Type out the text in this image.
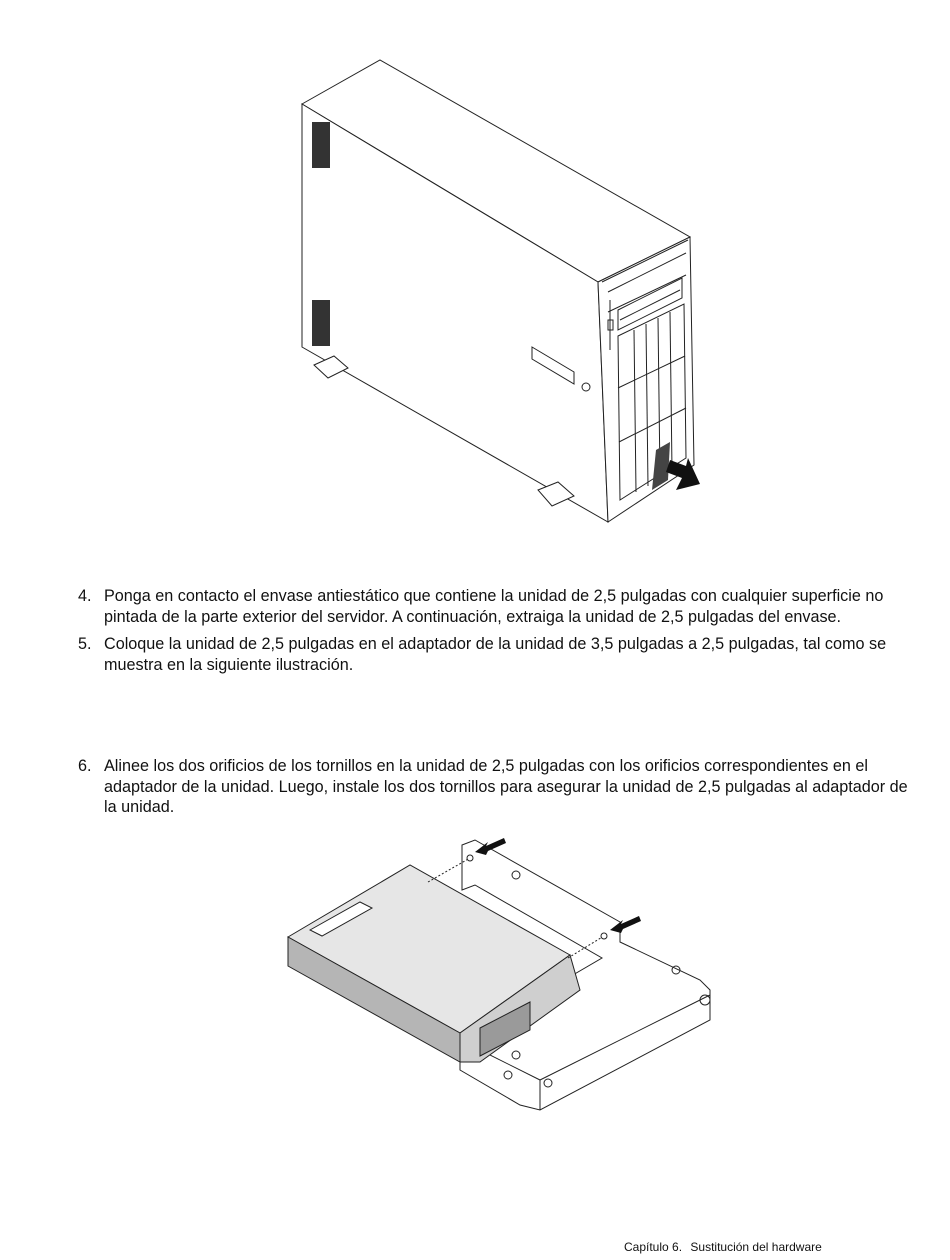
4. Ponga en contacto el envase antiestático que contiene la unidad de 2,5 pulgadas con cualquier superficie no pintada de la parte exterior del servidor. A continuación, extraiga la unidad de 2,5 pulgadas del envase.
5. Coloque la unidad de 2,5 pulgadas en el adaptador de la unidad de 3,5 pulgadas a 2,5 pulgadas, tal como se muestra en la siguiente ilustración.
6. Alinee los dos orificios de los tornillos en la unidad de 2,5 pulgadas con los orificios correspondientes en el adaptador de la unidad. Luego, instale los dos tornillos para asegurar la unidad de 2,5 pulgadas al adaptador de la unidad.
Capítulo 6. Sustitución del hardware
